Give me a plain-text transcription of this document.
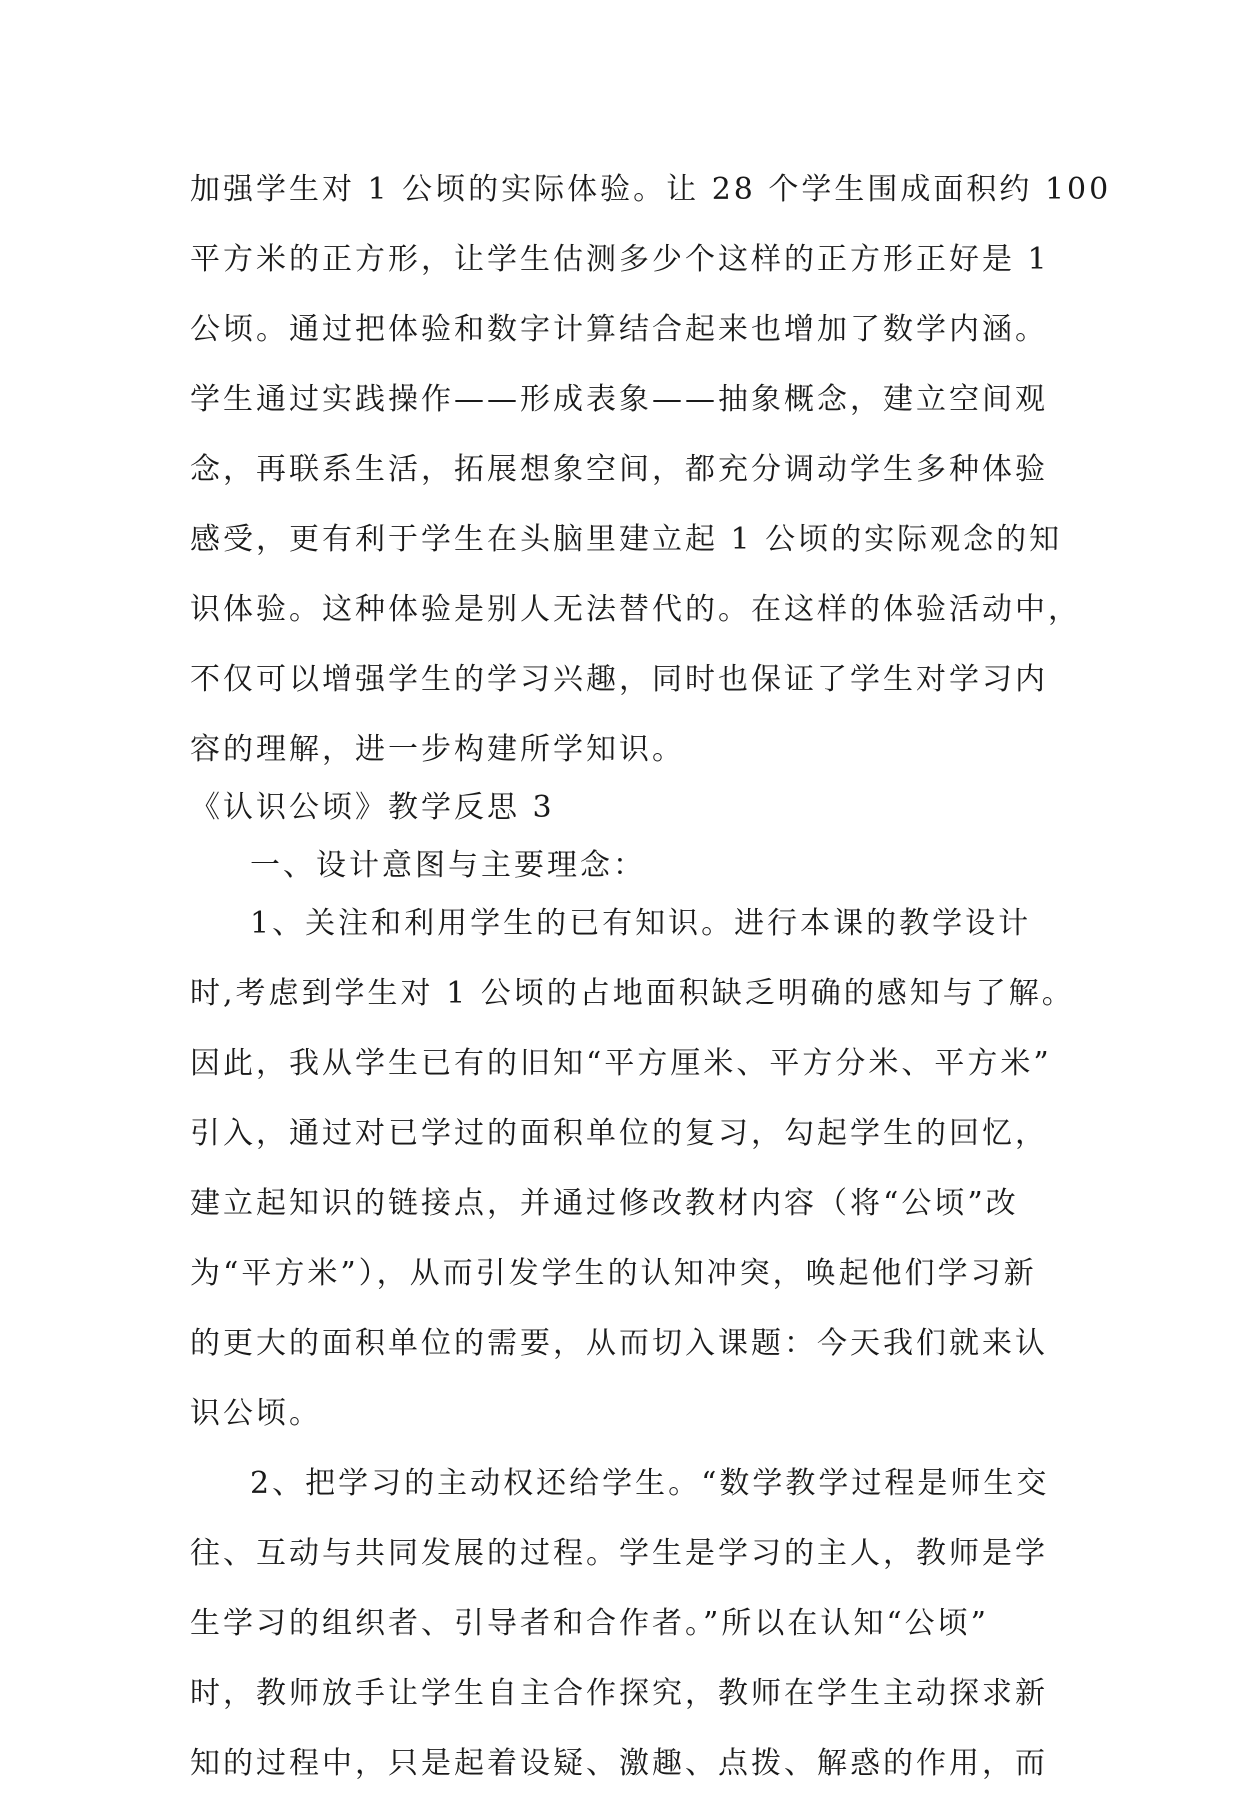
加强学生对 1 公顷的实际体验。让 28 个学生围成面积约 100
平方米的正方形，让学生估测多少个这样的正方形正好是 1
公顷。通过把体验和数字计算结合起来也增加了数学内涵。
学生通过实践操作——形成表象——抽象概念，建立空间观
念，再联系生活，拓展想象空间，都充分调动学生多种体验
感受，更有利于学生在头脑里建立起 1 公顷的实际观念的知
识体验。这种体验是别人无法替代的。在这样的体验活动中，
不仅可以增强学生的学习兴趣，同时也保证了学生对学习内
容的理解，进一步构建所学知识。
《认识公顷》教学反思 3
一、设计意图与主要理念：
1、关注和利用学生的已有知识。进行本课的教学设计
时,考虑到学生对 1 公顷的占地面积缺乏明确的感知与了解。
因此，我从学生已有的旧知“平方厘米、平方分米、平方米”
引入，通过对已学过的面积单位的复习，勾起学生的回忆，
建立起知识的链接点，并通过修改教材内容（将“公顷”改
为“平方米”），从而引发学生的认知冲突，唤起他们学习新
的更大的面积单位的需要，从而切入课题：今天我们就来认
识公顷。
2、把学习的主动权还给学生。“数学教学过程是师生交
往、互动与共同发展的过程。学生是学习的主人，教师是学
生学习的组织者、引导者和合作者。”所以在认知“公顷”
时，教师放手让学生自主合作探究，教师在学生主动探求新
知的过程中，只是起着设疑、激趣、点拨、解惑的作用，而
